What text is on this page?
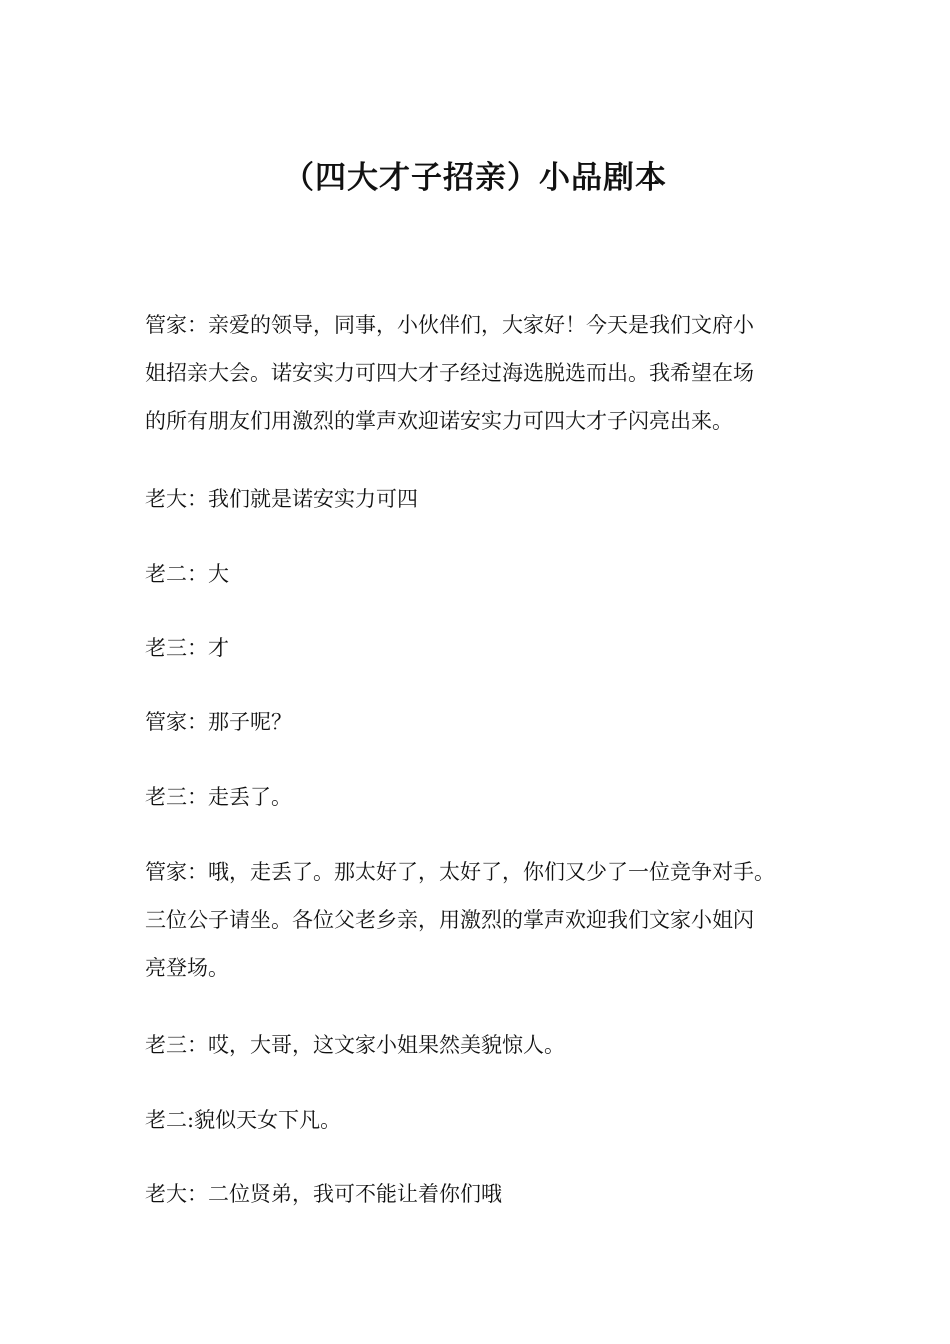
（四大才子招亲）小品剧本

管家：亲爱的领导，同事，小伙伴们，大家好！今天是我们文府小
姐招亲大会。诺安实力可四大才子经过海选脱选而出。我希望在场
的所有朋友们用激烈的掌声欢迎诺安实力可四大才子闪亮出来。

老大：我们就是诺安实力可四

老二：大

老三：才

管家：那子呢？

老三：走丢了。

管家：哦，走丢了。那太好了，太好了，你们又少了一位竞争对手。
三位公子请坐。各位父老乡亲，用激烈的掌声欢迎我们文家小姐闪
亮登场。

老三：哎，大哥，这文家小姐果然美貌惊人。

老二:貌似天女下凡。

老大：二位贤弟，我可不能让着你们哦
